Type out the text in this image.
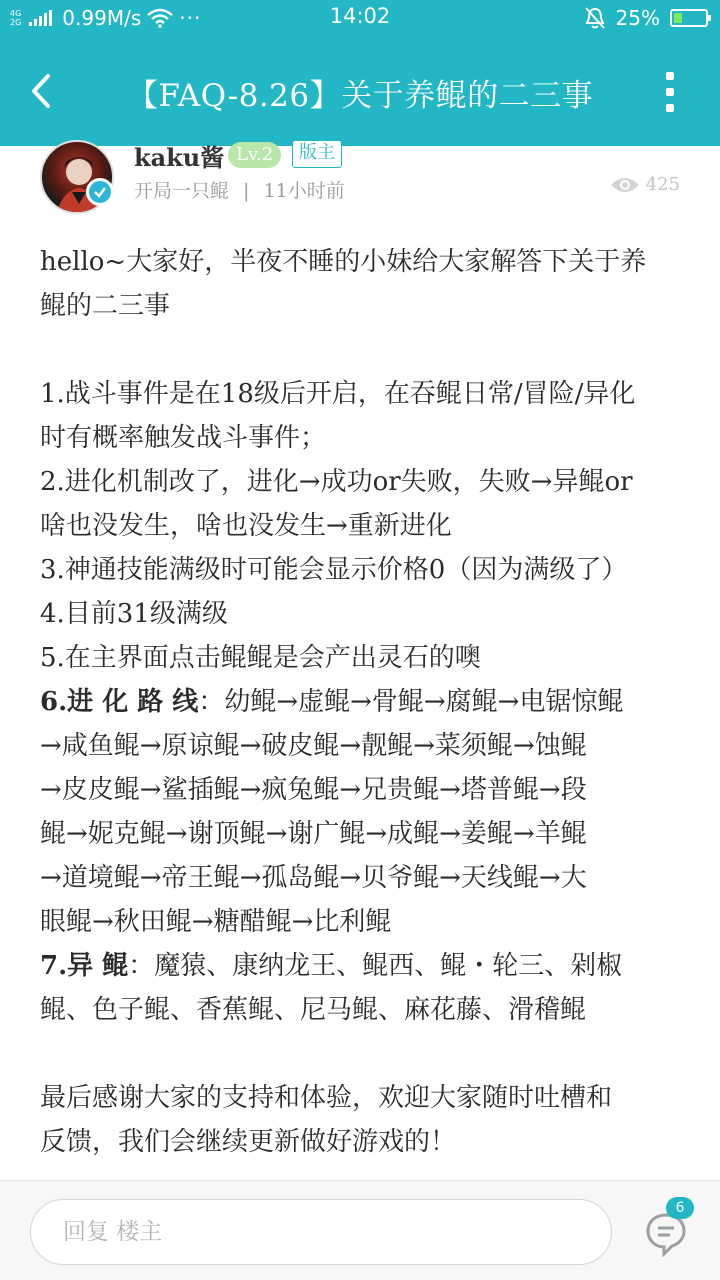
4G
2G 0.99M/s ···	14:02	25%
【FAQ-8.26】关于养鲲的二三事
kaku酱 Lv.2	版主
开局一只鲲 | 11小时前	425

hello~大家好，半夜不睡的小妹给大家解答下关于养

鲲的二三事

1.战斗事件是在18级后开启，在吞鲲日常/冒险/异化

时有概率触发战斗事件；

2.进化机制改了，进化→成功or失败，失败→异鲲or

啥也没发生，啥也没发生→重新进化

3.神通技能满级时可能会显示价格0（因为满级了）

4.目前31级满级

5.在主界面点击鲲鲲是会产出灵石的噢

6.进 化 路 线：幼鲲→虚鲲→骨鲲→腐鲲→电锯惊鲲

→咸鱼鲲→原谅鲲→破皮鲲→靓鲲→菜须鲲→蚀鲲

→皮皮鲲→鲨插鲲→疯兔鲲→兄贵鲲→塔普鲲→段

鲲→妮克鲲→谢顶鲲→谢广鲲→成鲲→姜鲲→羊鲲

→道境鲲→帝王鲲→孤岛鲲→贝爷鲲→天线鲲→大

眼鲲→秋田鲲→糖醋鲲→比利鲲

7.异 鲲：魔猿、康纳龙王、鲲西、鲲・轮三、剁椒

鲲、色子鲲、香蕉鲲、尼马鲲、麻花藤、滑稽鲲

最后感谢大家的支持和体验，欢迎大家随时吐槽和

反馈，我们会继续更新做好游戏的！

回复 楼主
6
